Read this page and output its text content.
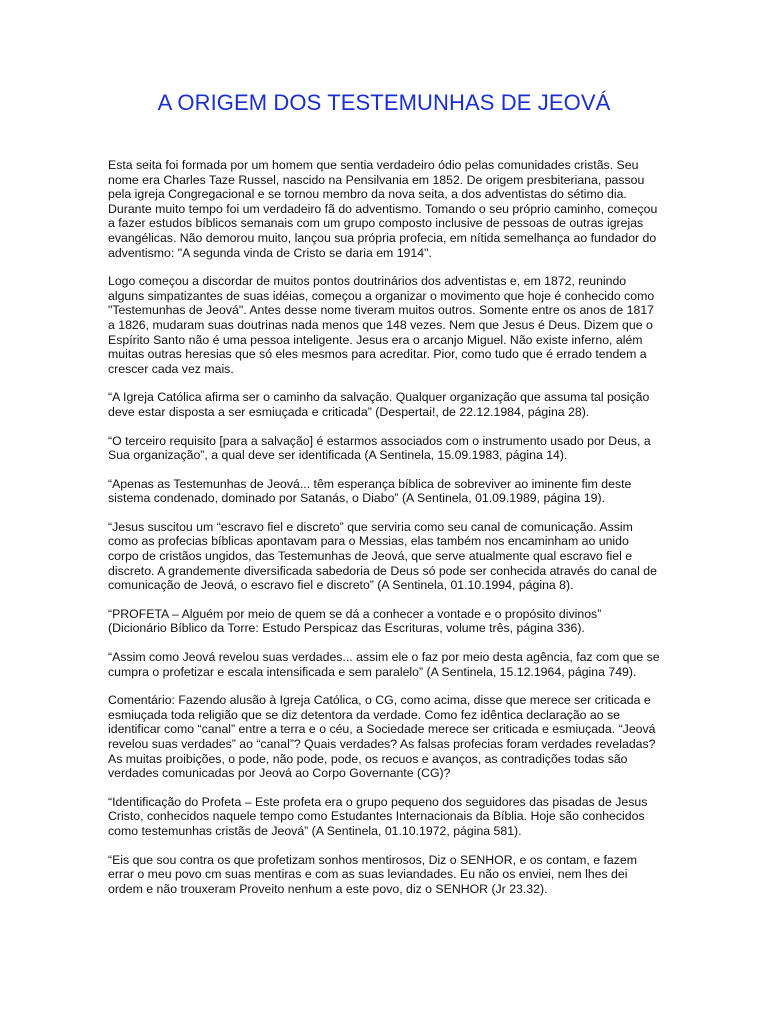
A ORIGEM DOS TESTEMUNHAS DE JEOVÁ

Esta seita foi formada por um homem que sentia verdadeiro ódio pelas comunidades cristãs. Seu nome era Charles Taze Russel, nascido na Pensilvania em 1852. De origem presbiteriana, passou pela igreja Congregacional e se tornou membro da nova seita, a dos adventistas do sétimo dia. Durante muito tempo foi um verdadeiro fã do adventismo. Tomando o seu próprio caminho, começou a fazer estudos bíblicos semanais com um grupo composto inclusive de pessoas de outras igrejas evangélicas. Não demorou muito, lançou sua própria profecia, em nítida semelhança ao fundador do adventismo: "A segunda vinda de Cristo se daria em 1914".

Logo começou a discordar de muitos pontos doutrinários dos adventistas e, em 1872, reunindo alguns simpatizantes de suas idéias, começou a organizar o movimento que hoje é conhecido como "Testemunhas de Jeová". Antes desse nome tiveram muitos outros. Somente entre os anos de 1817 a 1826, mudaram suas doutrinas nada menos que 148 vezes. Nem que Jesus é Deus. Dizem que o Espírito Santo não é uma pessoa inteligente. Jesus era o arcanjo Miguel. Não existe inferno, além muitas outras heresias que só eles mesmos para acreditar. Pior, como tudo que é errado tendem a crescer cada vez mais.

“A Igreja Católica afirma ser o caminho da salvação. Qualquer organização que assuma tal posição deve estar disposta a ser esmiuçada e criticada” (Despertai!, de 22.12.1984, página 28).

“O terceiro requisito [para a salvação] é estarmos associados com o instrumento usado por Deus, a Sua organização”, a qual deve ser identificada (A Sentinela, 15.09.1983, página 14).

“Apenas as Testemunhas de Jeová... têm esperança bíblica de sobreviver ao iminente fim deste sistema condenado, dominado por Satanás, o Diabo” (A Sentinela, 01.09.1989, página 19).

“Jesus suscitou um “escravo fiel e discreto” que serviria como seu canal de comunicação. Assim como as profecias bíblicas apontavam para o Messias, elas também nos encaminham ao unido corpo de cristãos ungidos, das Testemunhas de Jeová, que serve atualmente qual escravo fiel e discreto. A grandemente diversificada sabedoria de Deus só pode ser conhecida através do canal de comunicação de Jeová, o escravo fiel e discreto” (A Sentinela, 01.10.1994, página 8).

“PROFETA – Alguém por meio de quem se dá a conhecer a vontade e o propósito divinos” (Dicionário Bíblico da Torre: Estudo Perspicaz das Escrituras, volume três, página 336).

“Assim como Jeová revelou suas verdades... assim ele o faz por meio desta agência, faz com que se cumpra o profetizar e escala intensificada e sem paralelo” (A Sentinela, 15.12.1964, página 749).

Comentário: Fazendo alusão à Igreja Católica, o CG, como acima, disse que merece ser criticada e esmiuçada toda religião que se diz detentora da verdade. Como fez idêntica declaração ao se identificar como “canal” entre a terra e o céu, a Sociedade merece ser criticada e esmiuçada. “Jeová revelou suas verdades” ao “canal”? Quais verdades? As falsas profecias foram verdades reveladas? As muitas proibições, o pode, não pode, pode, os recuos e avanços, as contradições todas são verdades comunicadas por Jeová ao Corpo Governante (CG)?

“Identificação do Profeta – Este profeta era o grupo pequeno dos seguidores das pisadas de Jesus Cristo, conhecidos naquele tempo como Estudantes Internacionais da Bíblia. Hoje são conhecidos como testemunhas cristãs de Jeová” (A Sentinela, 01.10.1972, página 581).

“Eis que sou contra os que profetizam sonhos mentirosos, Diz o SENHOR, e os contam, e fazem errar o meu povo cm suas mentiras e com as suas leviandades. Eu não os enviei, nem lhes dei ordem e não trouxeram Proveito nenhum a este povo, diz o SENHOR (Jr 23.32).
